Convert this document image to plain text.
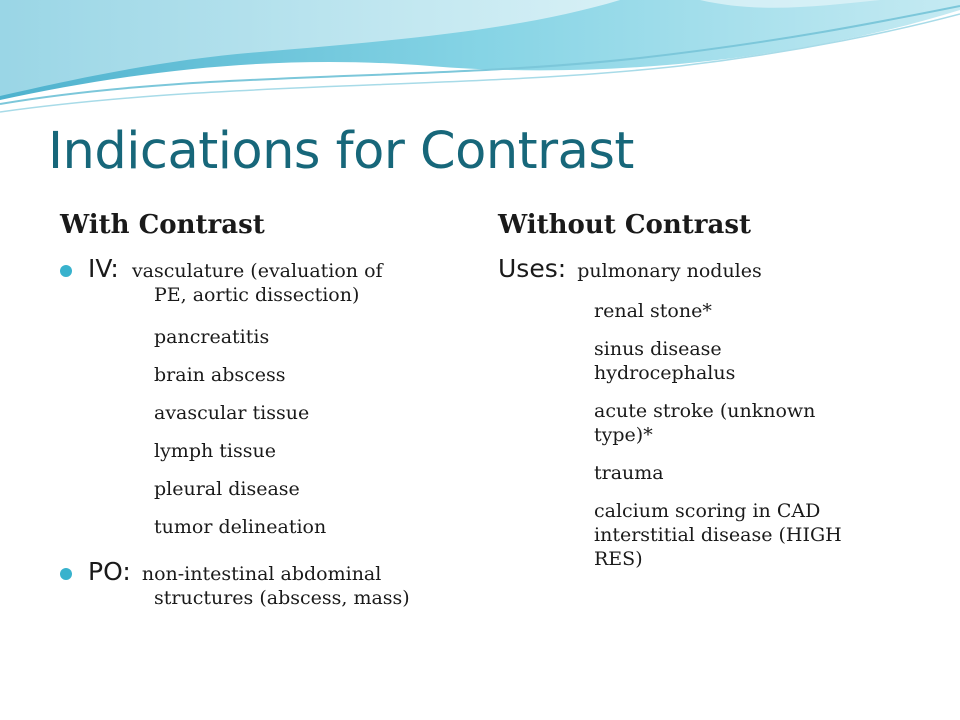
Indications for Contrast
With Contrast
IV: vasculature (evaluation of
PE, aortic dissection)
pancreatitis
brain abscess
avascular tissue
lymph tissue
pleural disease
tumor delineation
PO: non-intestinal abdominal
structures (abscess, mass)
Without Contrast
Uses: pulmonary nodules
renal stone*
sinus disease
hydrocephalus
acute stroke (unknown
type)*
trauma
calcium scoring in CAD
interstitial disease (HIGH
RES)
